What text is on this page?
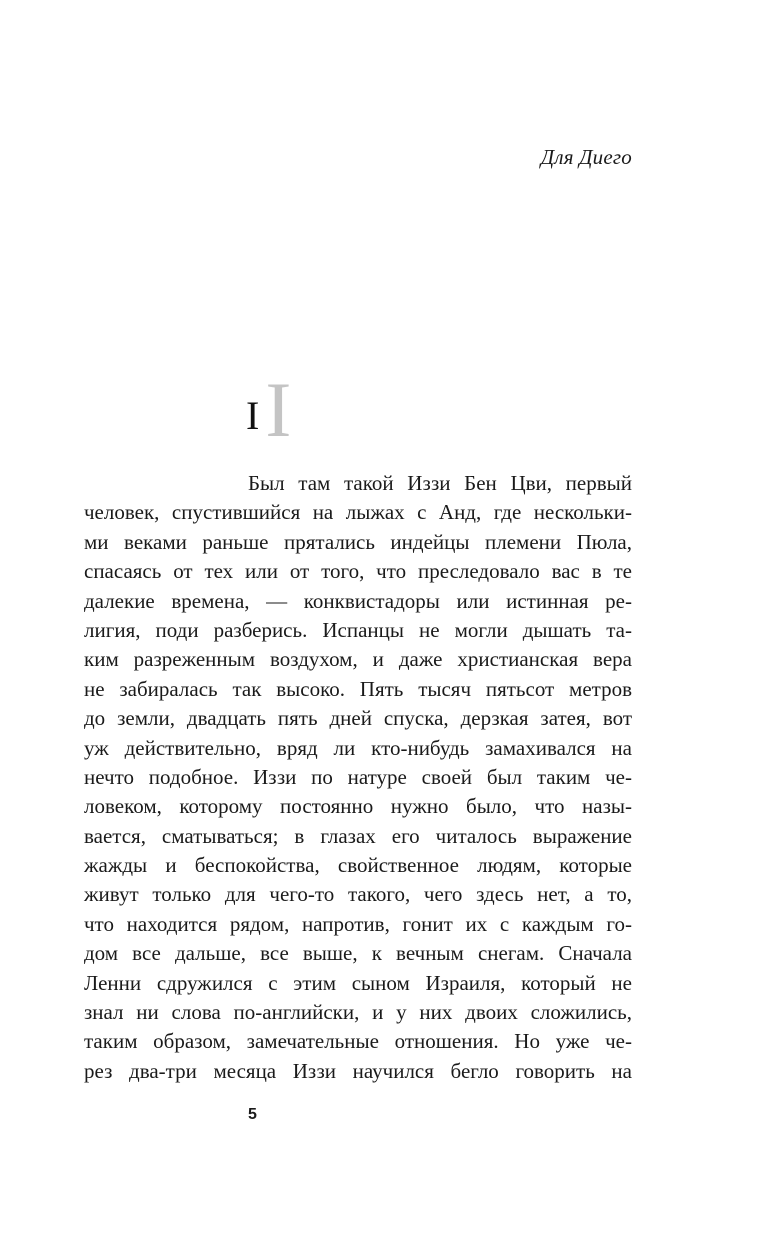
Для Диего
I I
Был там такой Иззи Бен Цви, первый
человек, спустившийся на лыжах с Анд, где нескольки-
ми веками раньше прятались индейцы племени Пюла,
спасаясь от тех или от того, что преследовало вас в те
далекие времена, — конквистадоры или истинная ре-
лигия, поди разберись. Испанцы не могли дышать та-
ким разреженным воздухом, и даже христианская вера
не забиралась так высоко. Пять тысяч пятьсот метров
до земли, двадцать пять дней спуска, дерзкая затея, вот
уж действительно, вряд ли кто-нибудь замахивался на
нечто подобное. Иззи по натуре своей был таким че-
ловеком, которому постоянно нужно было, что назы-
вается, сматываться; в глазах его читалось выражение
жажды и беспокойства, свойственное людям, которые
живут только для чего-то такого, чего здесь нет, а то,
что находится рядом, напротив, гонит их с каждым го-
дом все дальше, все выше, к вечным снегам. Сначала
Ленни сдружился с этим сыном Израиля, который не
знал ни слова по-английски, и у них двоих сложились,
таким образом, замечательные отношения. Но уже че-
рез два-три месяца Иззи научился бегло говорить на
5
